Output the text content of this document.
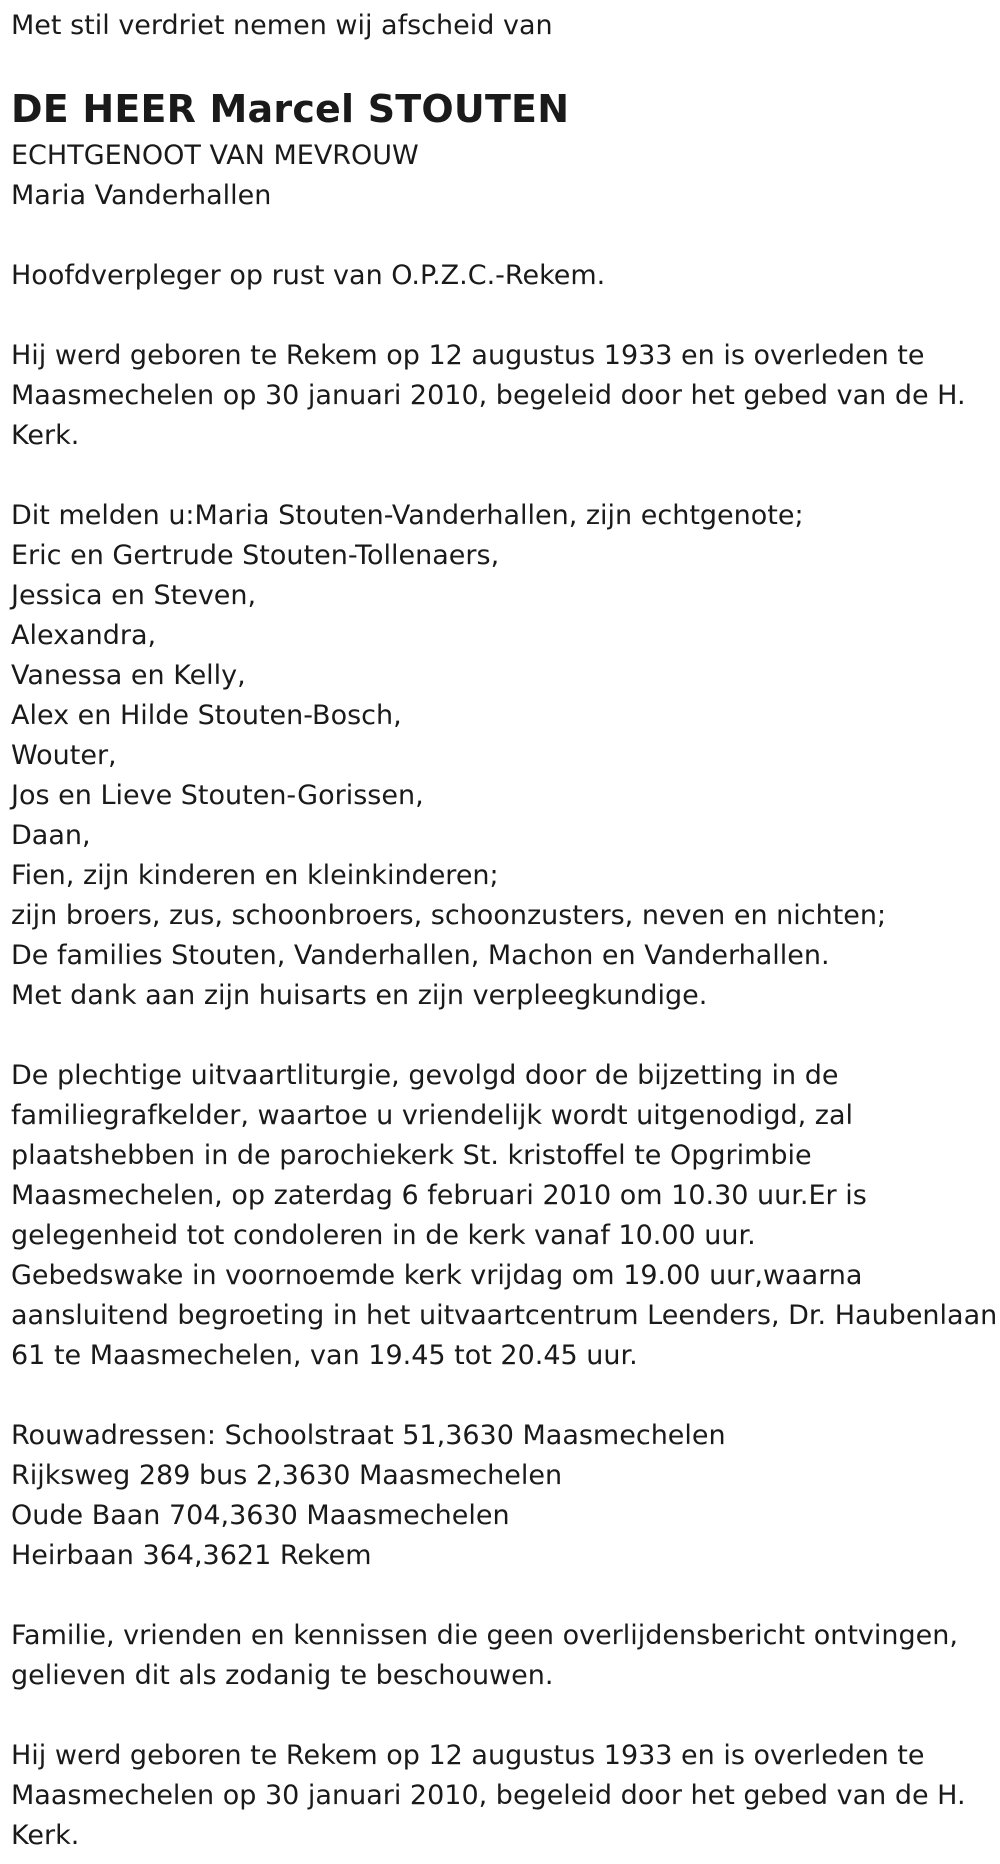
Met stil verdriet nemen wij afscheid van
DE HEER Marcel STOUTEN
ECHTGENOOT VAN MEVROUW
Maria Vanderhallen
Hoofdverpleger op rust van O.P.Z.C.-Rekem.
Hij werd geboren te Rekem op 12 augustus 1933 en is overleden te
Maasmechelen op 30 januari 2010, begeleid door het gebed van de H.
Kerk.
Dit melden u:Maria Stouten-Vanderhallen, zijn echtgenote;
Eric en Gertrude Stouten-Tollenaers,
Jessica en Steven,
Alexandra,
Vanessa en Kelly,
Alex en Hilde Stouten-Bosch,
Wouter,
Jos en Lieve Stouten-Gorissen,
Daan,
Fien, zijn kinderen en kleinkinderen;
zijn broers, zus, schoonbroers, schoonzusters, neven en nichten;
De families Stouten, Vanderhallen, Machon en Vanderhallen.
Met dank aan zijn huisarts en zijn verpleegkundige.
De plechtige uitvaartliturgie, gevolgd door de bijzetting in de
familiegrafkelder, waartoe u vriendelijk wordt uitgenodigd, zal
plaatshebben in de parochiekerk St. kristoffel te Opgrimbie
Maasmechelen, op zaterdag 6 februari 2010 om 10.30 uur.Er is
gelegenheid tot condoleren in de kerk vanaf 10.00 uur.
Gebedswake in voornoemde kerk vrijdag om 19.00 uur,waarna
aansluitend begroeting in het uitvaartcentrum Leenders, Dr. Haubenlaan
61 te Maasmechelen, van 19.45 tot 20.45 uur.
Rouwadressen: Schoolstraat 51,3630 Maasmechelen
Rijksweg 289 bus 2,3630 Maasmechelen
Oude Baan 704,3630 Maasmechelen
Heirbaan 364,3621 Rekem
Familie, vrienden en kennissen die geen overlijdensbericht ontvingen,
gelieven dit als zodanig te beschouwen.
Hij werd geboren te Rekem op 12 augustus 1933 en is overleden te
Maasmechelen op 30 januari 2010, begeleid door het gebed van de H.
Kerk.
